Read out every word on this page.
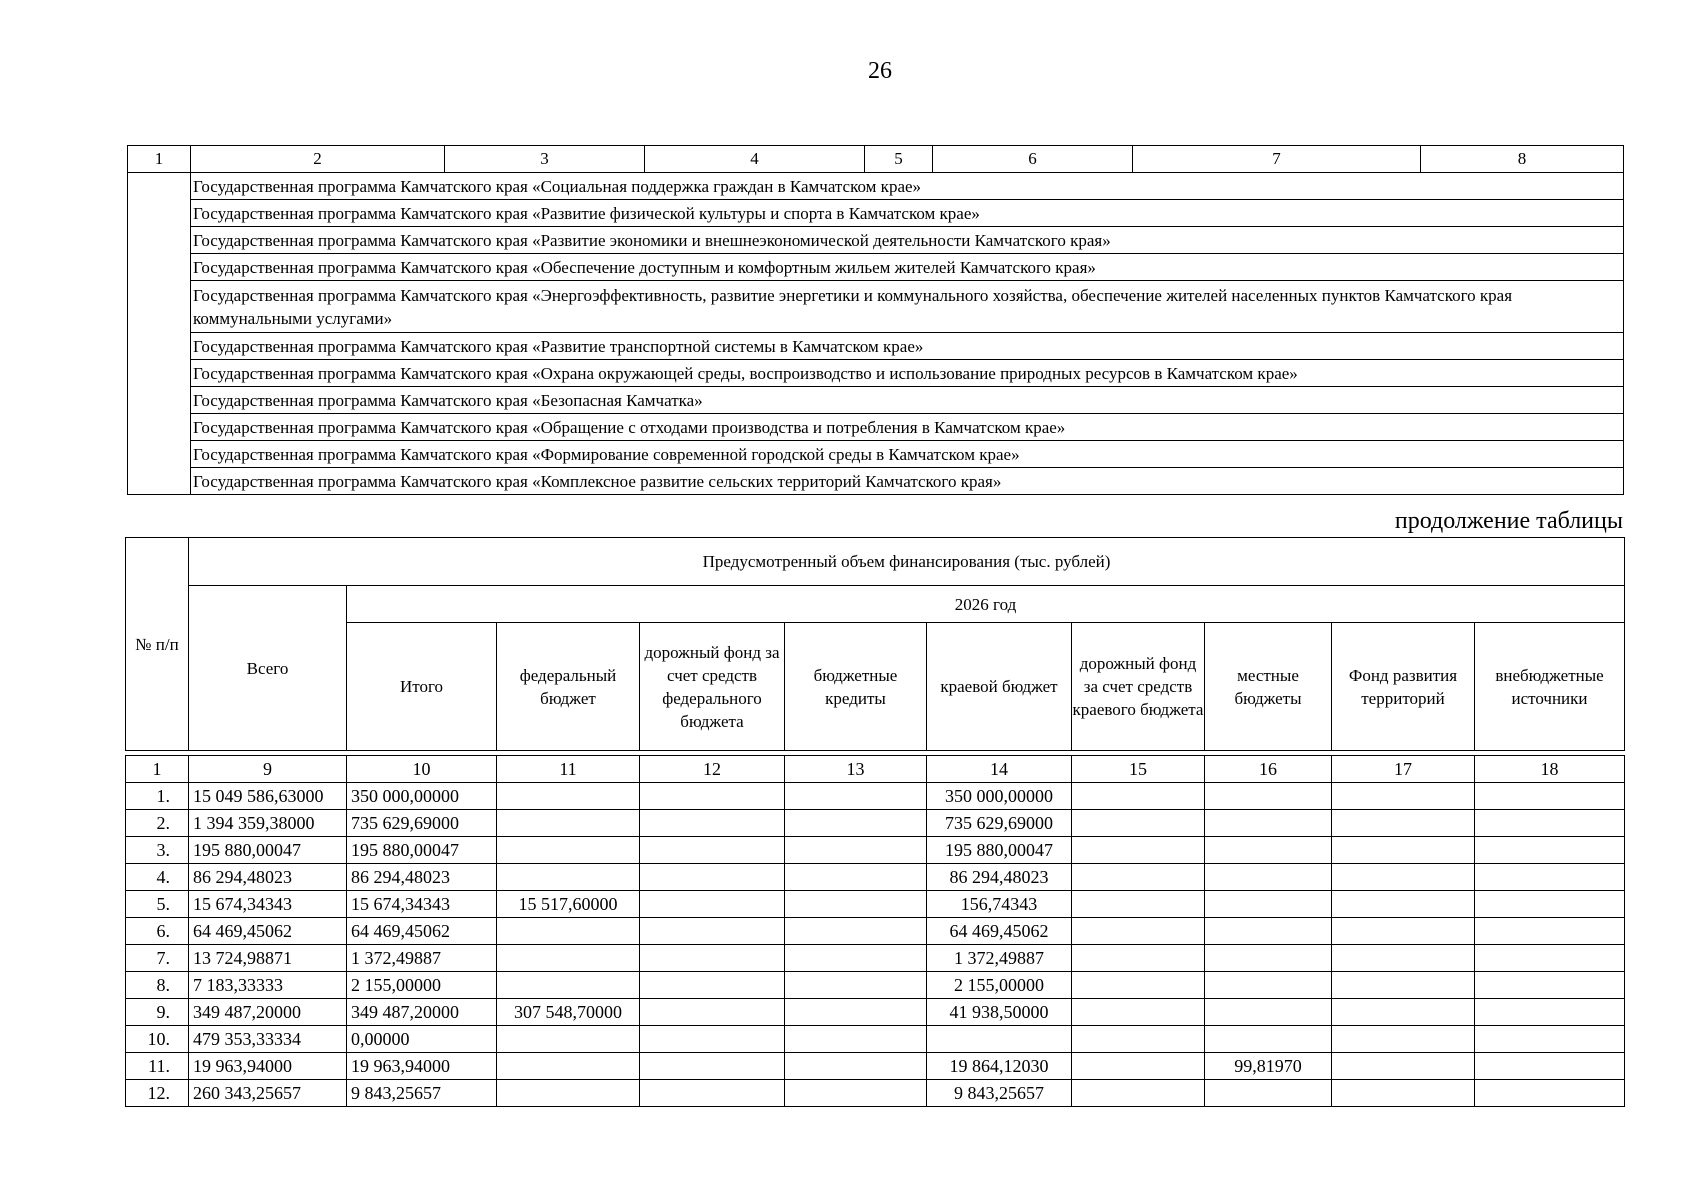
26
1	2	3	4	5	6	7	8
	Государственная программа Камчатского края «Социальная поддержка граждан в Камчатском крае»						
	Государственная программа Камчатского края «Развитие физической культуры и спорта в Камчатском крае»						
	Государственная программа Камчатского края «Развитие экономики и внешнеэкономической деятельности Камчатского края»						
	Государственная программа Камчатского края «Обеспечение доступным и комфортным жильем жителей Камчатского края»						
	Государственная программа Камчатского края «Энергоэффективность, развитие энергетики и коммунального хозяйства, обеспечение жителей населенных пунктов Камчатского края коммунальными услугами»						
	Государственная программа Камчатского края «Развитие транспортной системы в Камчатском крае»						
	Государственная программа Камчатского края «Охрана окружающей среды, воспроизводство и использование природных ресурсов в Камчатском крае»						
	Государственная программа Камчатского края «Безопасная Камчатка»						
	Государственная программа Камчатского края «Обращение с отходами производства и потребления в Камчатском крае»						
	Государственная программа Камчатского края «Формирование современной городской среды в Камчатском крае»						
	Государственная программа Камчатского края «Комплексное развитие сельских территорий Камчатского края»						
продолжение таблицы
№ п/п	Предусмотренный объем финансирования (тыс. рублей)									
	Всего	2026 год								
		Итого	федеральный бюджет	дорожный фонд за счет средств федерального бюджета	бюджетные кредиты	краевой бюджет	дорожный фонд за счет средств краевого бюджета	местные бюджеты	Фонд развития территорий	внебюджетные источники
1	9	10	11	12	13	14	15	16	17	18
1.	15 049 586,63000	350 000,00000				350 000,00000				
2.	1 394 359,38000	735 629,69000				735 629,69000				
3.	195 880,00047	195 880,00047				195 880,00047				
4.	86 294,48023	86 294,48023				86 294,48023				
5.	15 674,34343	15 674,34343	15 517,60000			156,74343				
6.	64 469,45062	64 469,45062				64 469,45062				
7.	13 724,98871	1 372,49887				1 372,49887				
8.	7 183,33333	2 155,00000				2 155,00000				
9.	349 487,20000	349 487,20000	307 548,70000			41 938,50000				
10.	479 353,33334	0,00000								
11.	19 963,94000	19 963,94000				19 864,12030		99,81970		
12.	260 343,25657	9 843,25657				9 843,25657				
